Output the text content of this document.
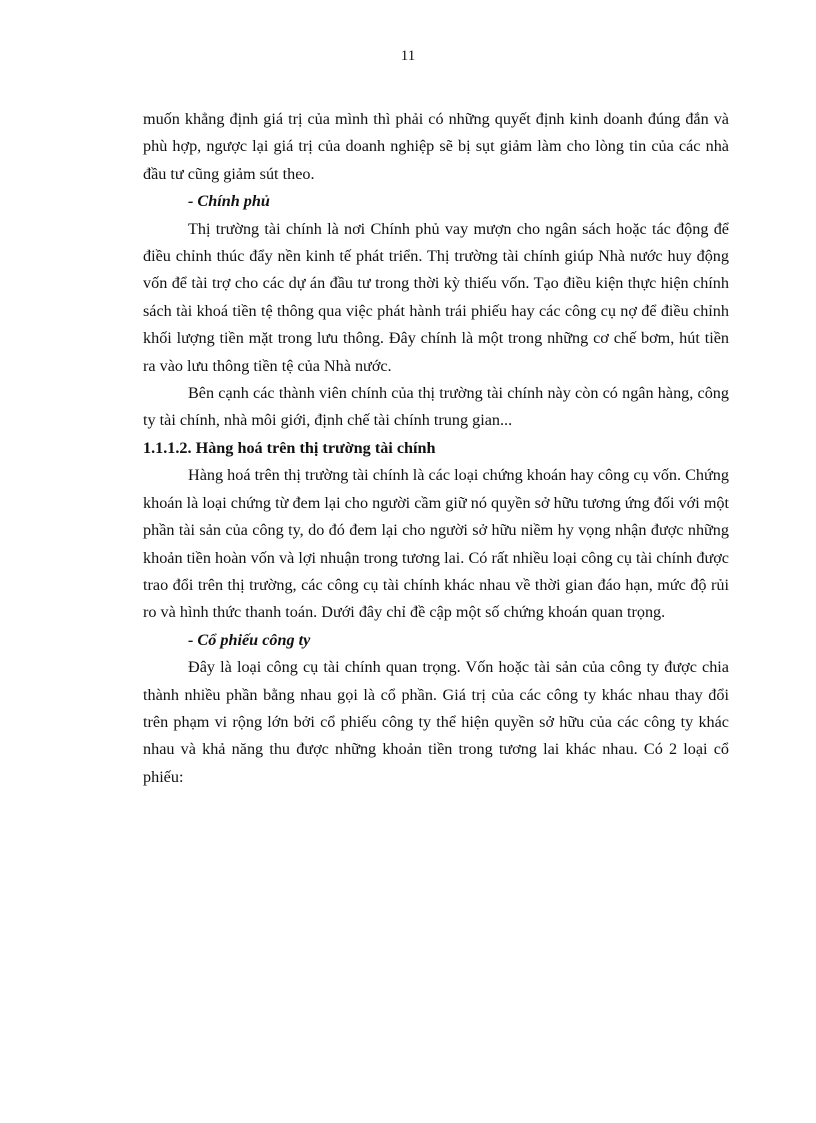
11

muốn khẳng định giá trị của mình thì phải có những quyết định kinh doanh đúng đắn và phù hợp, ngược lại giá trị của doanh nghiệp sẽ bị sụt giảm làm cho lòng tin của các nhà đầu tư cũng giảm sút theo.

- Chính phủ

Thị trường tài chính là nơi Chính phủ vay mượn cho ngân sách hoặc tác động để điều chỉnh thúc đẩy nền kinh tế phát triển. Thị trường tài chính giúp Nhà nước huy động vốn để tài trợ cho các dự án đầu tư trong thời kỳ thiếu vốn. Tạo điều kiện thực hiện chính sách tài khoá tiền tệ thông qua việc phát hành trái phiếu hay các công cụ nợ để điều chỉnh khối lượng tiền mặt trong lưu thông. Đây chính là một trong những cơ chế bơm, hút tiền ra vào lưu thông tiền tệ của Nhà nước.

Bên cạnh các thành viên chính của thị trường tài chính này còn có ngân hàng, công ty tài chính, nhà môi giới, định chế tài chính trung gian...

1.1.1.2. Hàng hoá trên thị trường tài chính

Hàng hoá trên thị trường tài chính là các loại chứng khoán hay công cụ vốn. Chứng khoán là loại chứng từ đem lại cho người cầm giữ nó quyền sở hữu tương ứng đối với một phần tài sản của công ty, do đó đem lại cho người sở hữu niềm hy vọng nhận được những khoản tiền hoàn vốn và lợi nhuận trong tương lai. Có rất nhiều loại công cụ tài chính được trao đổi trên thị trường, các công cụ tài chính khác nhau về thời gian đáo hạn, mức độ rủi ro và hình thức thanh toán. Dưới đây chỉ đề cập một số chứng khoán quan trọng.

- Cổ phiếu công ty

Đây là loại công cụ tài chính quan trọng. Vốn hoặc tài sản của công ty được chia thành nhiều phần bằng nhau gọi là cổ phần. Giá trị của các công ty khác nhau thay đổi trên phạm vi rộng lớn bởi cổ phiếu công ty thể hiện quyền sở hữu của các công ty khác nhau và khả năng thu được những khoản tiền trong tương lai khác nhau. Có 2 loại cổ phiếu:
